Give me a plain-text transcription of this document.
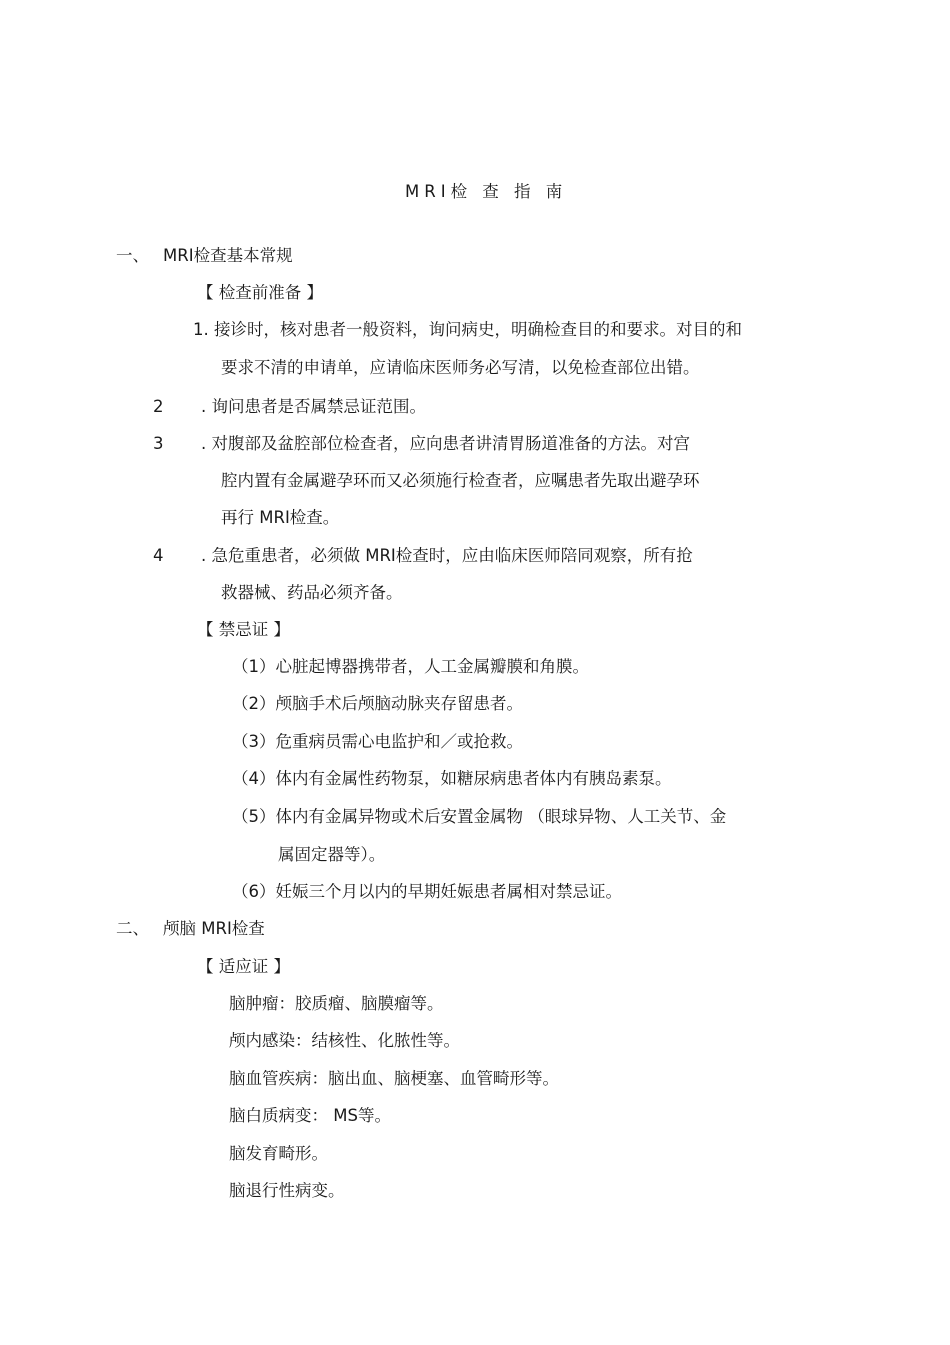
MRI检 查 指 南
一、 MRI检查基本常规
【 检查前准备 】
1. 接诊时，核对患者一般资料，询问病史，明确检查目的和要求。对目的和
要求不清的申请单，应请临床医师务必写清，以免检查部位出错。
2 . 询问患者是否属禁忌证范围。
3 . 对腹部及盆腔部位检查者，应向患者讲清胃肠道准备的方法。对宫
腔内置有金属避孕环而又必须施行检查者，应嘱患者先取出避孕环
再行 MRI检查。
4 . 急危重患者，必须做 MRI检查时，应由临床医师陪同观察，所有抢
救器械、药品必须齐备。
【 禁忌证 】
（1）心脏起博器携带者，人工金属瓣膜和角膜。
（2）颅脑手术后颅脑动脉夹存留患者。
（3）危重病员需心电监护和／或抢救。
（4）体内有金属性药物泵，如糖尿病患者体内有胰岛素泵。
（5）体内有金属异物或术后安置金属物 （眼球异物、人工关节、金
属固定器等）。
（6）妊娠三个月以内的早期妊娠患者属相对禁忌证。
二、 颅脑 MRI检查
【 适应证 】
脑肿瘤：胶质瘤、脑膜瘤等。
颅内感染：结核性、化脓性等。
脑血管疾病：脑出血、脑梗塞、血管畸形等。
脑白质病变： MS等。
脑发育畸形。
脑退行性病变。
